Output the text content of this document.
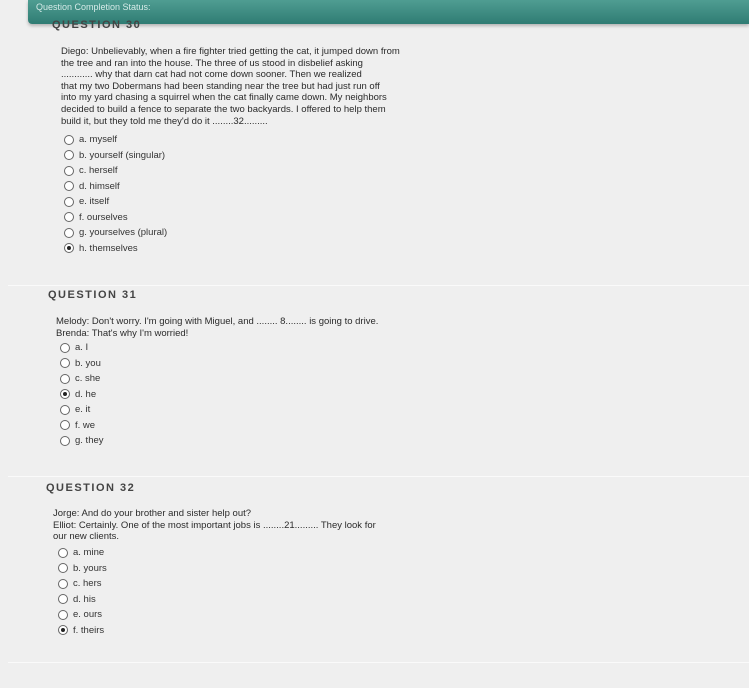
Question Completion Status:
QUESTION 30
Diego: Unbelievably, when a fire fighter tried getting the cat, it jumped down from
the tree and ran into the house. The three of us stood in disbelief asking
............ why that darn cat had not come down sooner. Then we realized
that my two Dobermans had been standing near the tree but had just run off
into my yard chasing a squirrel when the cat finally came down. My neighbors
decided to build a fence to separate the two backyards. I offered to help them
build it, but they told me they'd do it ........32.........
a. myself
b. yourself (singular)
c. herself
d. himself
e. itself
f. ourselves
g. yourselves (plural)
h. themselves
QUESTION 31
Melody: Don't worry. I'm going with Miguel, and ........ 8........ is going to drive.
Brenda: That's why I'm worried!
a. I
b. you
c. she
d. he
e. it
f. we
g. they
QUESTION 32
Jorge: And do your brother and sister help out?
Elliot: Certainly. One of the most important jobs is ........21......... They look for
our new clients.
a. mine
b. yours
c. hers
d. his
e. ours
f. theirs
